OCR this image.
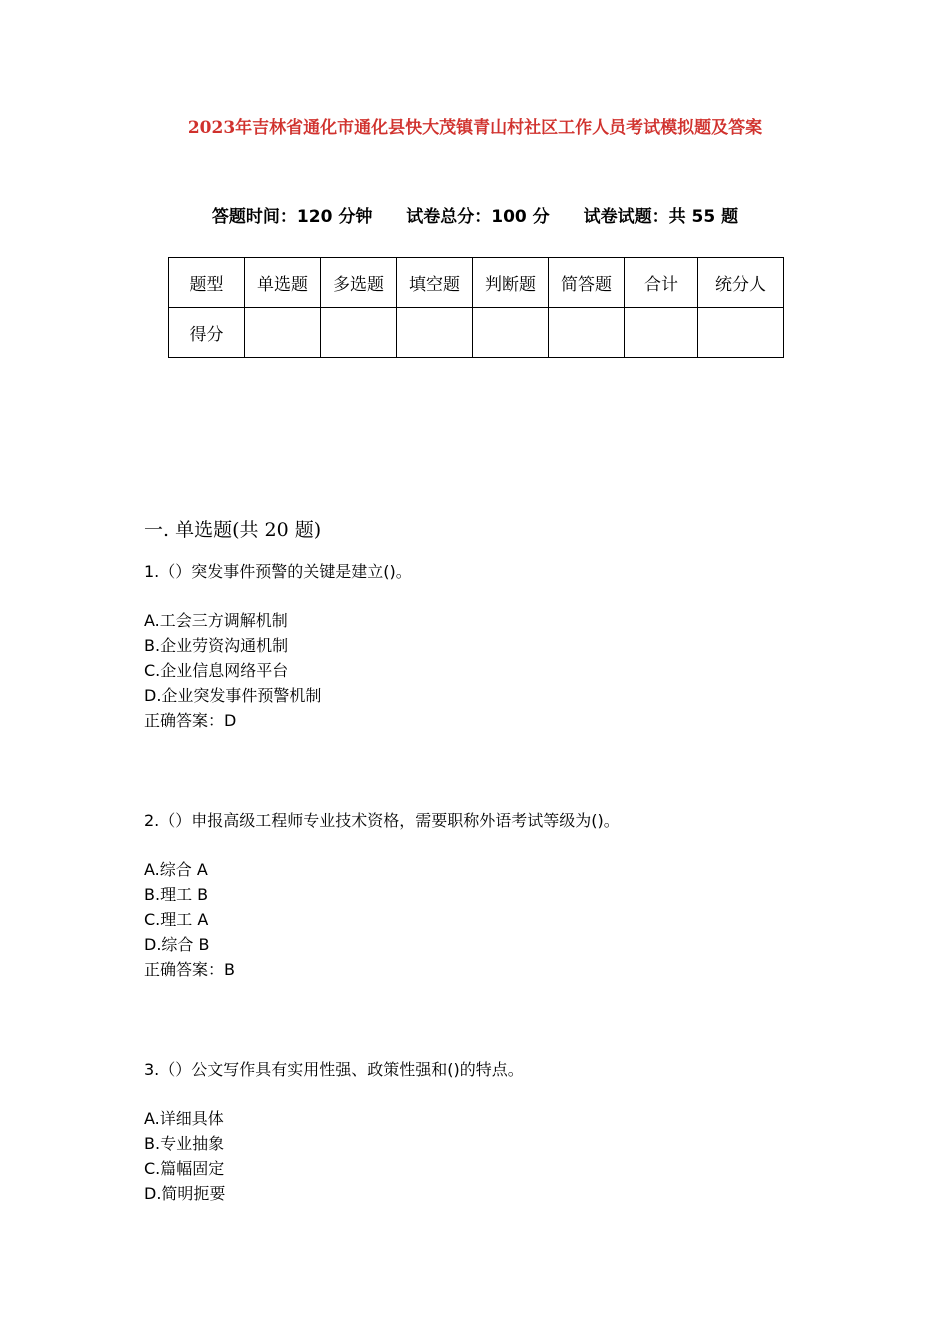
2023年吉林省通化市通化县快大茂镇青山村社区工作人员考试模拟题及答案
答题时间：120 分钟 试卷总分：100 分 试卷试题：共 55 题
题型	单选题	多选题	填空题	判断题	简答题	合计	统分人
得分							
一. 单选题(共 20 题)
1.（）突发事件预警的关键是建立()。
A.工会三方调解机制
B.企业劳资沟通机制
C.企业信息网络平台
D.企业突发事件预警机制
正确答案：D
2.（）申报高级工程师专业技术资格，需要职称外语考试等级为()。
A.综合 A
B.理工 B
C.理工 A
D.综合 B
正确答案：B
3.（）公文写作具有实用性强、政策性强和()的特点。
A.详细具体
B.专业抽象
C.篇幅固定
D.简明扼要
